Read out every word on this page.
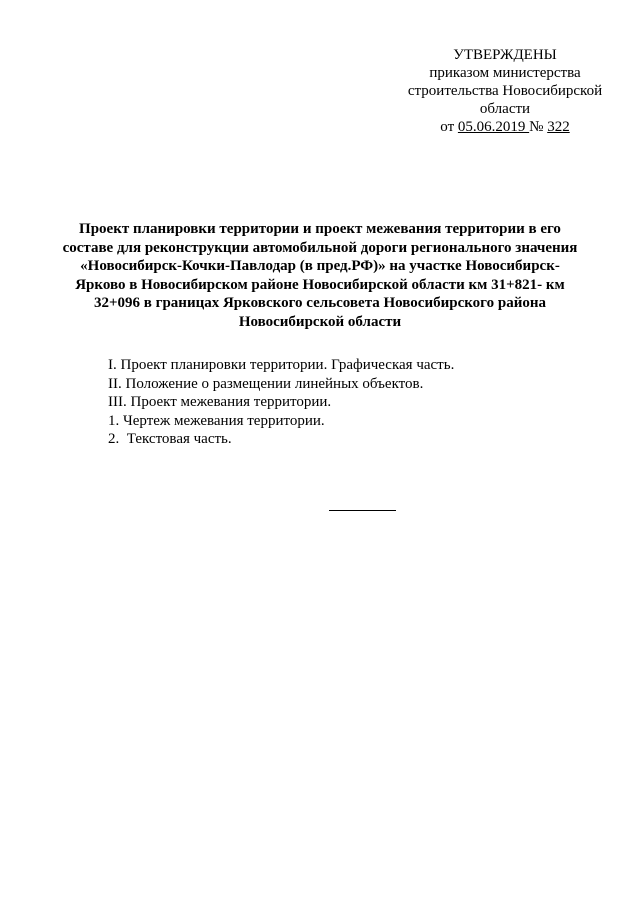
УТВЕРЖДЕНЫ
приказом министерства
строительства Новосибирской
области
от 05.06.2019 № 322
Проект планировки территории и проект межевания территории в его
составе для реконструкции автомобильной дороги регионального значения
«Новосибирск-Кочки-Павлодар (в пред.РФ)» на участке Новосибирск-
Ярково в Новосибирском районе Новосибирской области км 31+821- км
32+096 в границах Ярковского сельсовета Новосибирского района
Новосибирской области
I. Проект планировки территории. Графическая часть.
II. Положение о размещении линейных объектов.
III. Проект межевания территории.
1. Чертеж межевания территории.
2.  Текстовая часть.
